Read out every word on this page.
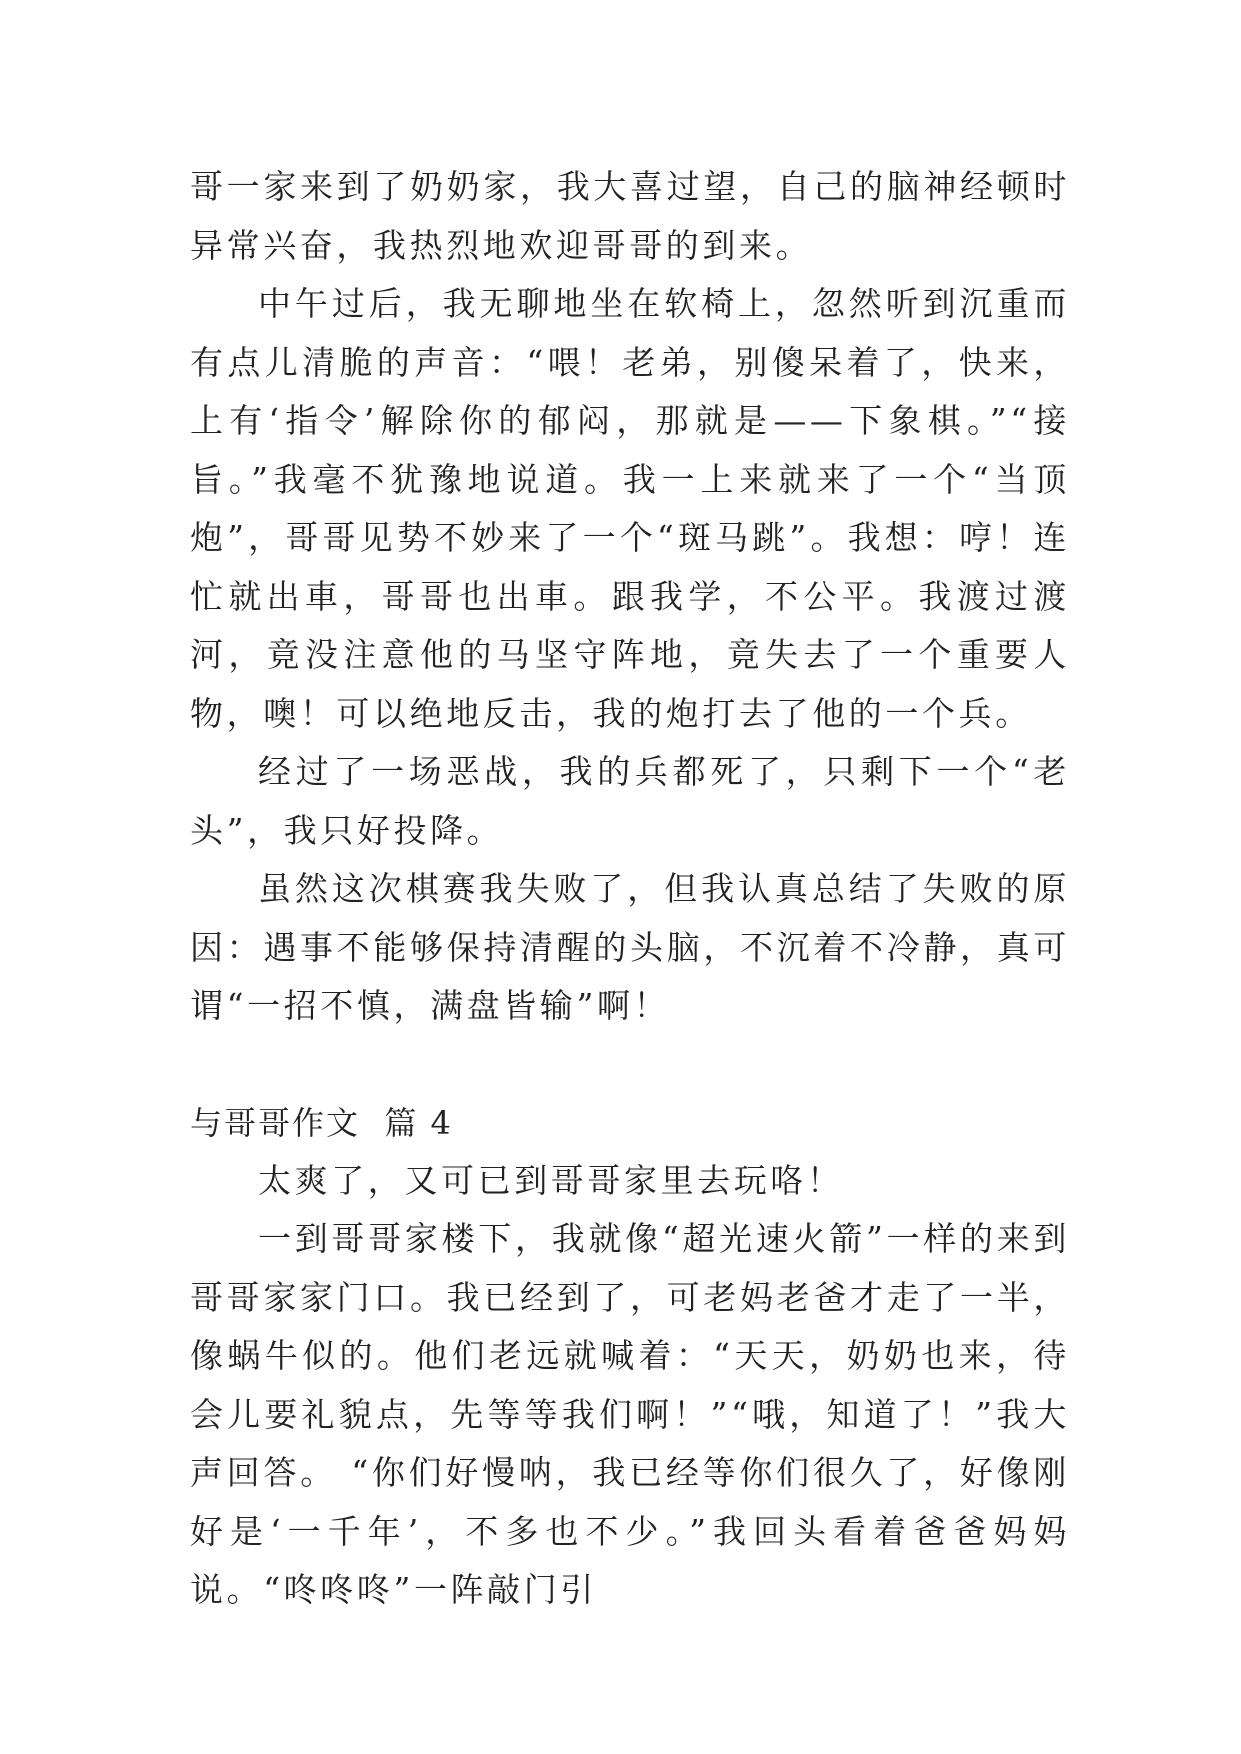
哥一家来到了奶奶家，我大喜过望，自己的脑神经顿时异常兴奋，我热烈地欢迎哥哥的到来。

中午过后，我无聊地坐在软椅上，忽然听到沉重而有点儿清脆的声音：“喂！老弟，别傻呆着了，快来，上有‘指令’解除你的郁闷，那就是——下象棋。”“接旨。”我毫不犹豫地说道。我一上来就来了一个“当顶炮”，哥哥见势不妙来了一个“斑马跳”。我想：哼！连忙就出車，哥哥也出車。跟我学，不公平。我渡过渡河，竟没注意他的马坚守阵地，竟失去了一个重要人物，噢！可以绝地反击，我的炮打去了他的一个兵。

经过了一场恶战，我的兵都死了，只剩下一个“老头”，我只好投降。

虽然这次棋赛我失败了，但我认真总结了失败的原因：遇事不能够保持清醒的头脑，不沉着不冷静，真可谓“一招不慎，满盘皆输”啊！

与哥哥作文  篇 4

太爽了，又可已到哥哥家里去玩咯！

一到哥哥家楼下，我就像“超光速火箭”一样的来到哥哥家家门口。我已经到了，可老妈老爸才走了一半，像蜗牛似的。他们老远就喊着：“天天，奶奶也来，待会儿要礼貌点，先等等我们啊！”“哦，知道了！”我大声回答。 “你们好慢呐，我已经等你们很久了，好像刚好是‘一千年’，不多也不少。”我回头看着爸爸妈妈说。“咚咚咚”一阵敲门引
